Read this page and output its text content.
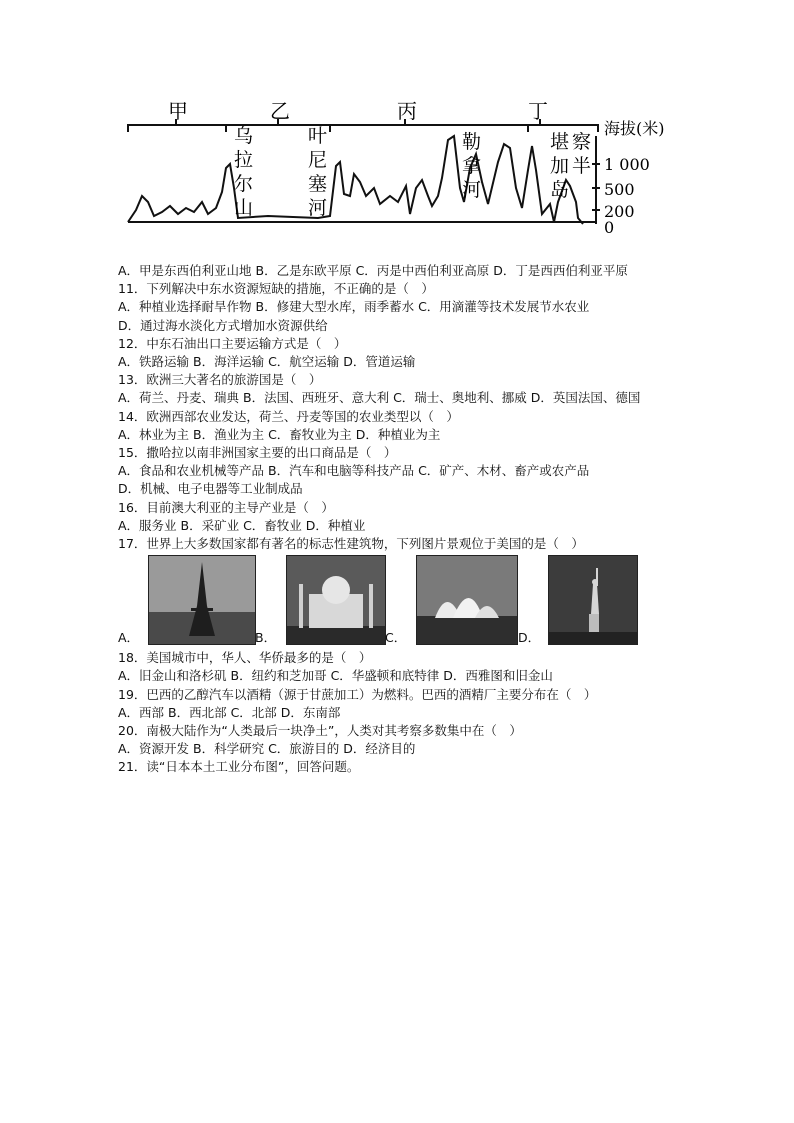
甲	乙	丙	丁
海拔(米)
1 000
500
200
0
乌
拉
尔
山
叶
尼
塞
河
勒
拿
河
堪 察
加 半
岛

A．甲是东西伯利亚山地 B．乙是东欧平原 C．丙是中西伯利亚高原 D．丁是西西伯利亚平原

11．下列解决中东水资源短缺的措施，不正确的是（　）

A．种植业选择耐旱作物 B．修建大型水库，雨季蓄水 C．用滴灌等技术发展节水农业

D．通过海水淡化方式增加水资源供给

12．中东石油出口主要运输方式是（　）

A．铁路运输 B．海洋运输 C．航空运输 D．管道运输

13．欧洲三大著名的旅游国是（　）

A．荷兰、丹麦、瑞典 B．法国、西班牙、意大利 C．瑞士、奥地利、挪威 D．英国法国、德国

14．欧洲西部农业发达，荷兰、丹麦等国的农业类型以（　）

A．林业为主 B．渔业为主 C．畜牧业为主 D．种植业为主

15．撒哈拉以南非洲国家主要的出口商品是（　）

A．食品和农业机械等产品 B．汽车和电脑等科技产品 C．矿产、木材、畜产或农产品

D．机械、电子电器等工业制成品

16．目前澳大利亚的主导产业是（　）

A．服务业 B．采矿业 C．畜牧业 D．种植业

17．世界上大多数国家都有著名的标志性建筑物，下列图片景观位于美国的是（　）

A．	B．	C．	D．

18．美国城市中，华人、华侨最多的是（　）

A．旧金山和洛杉矶 B．纽约和芝加哥 C．华盛顿和底特律 D．西雅图和旧金山

19．巴西的乙醇汽车以酒精（源于甘蔗加工）为燃料。巴西的酒精厂主要分布在（　）

A．西部 B．西北部 C．北部 D．东南部

20．南极大陆作为“人类最后一块净土”，人类对其考察多数集中在（　）

A．资源开发 B．科学研究 C．旅游目的 D．经济目的

21．读“日本本土工业分布图”，回答问题。
